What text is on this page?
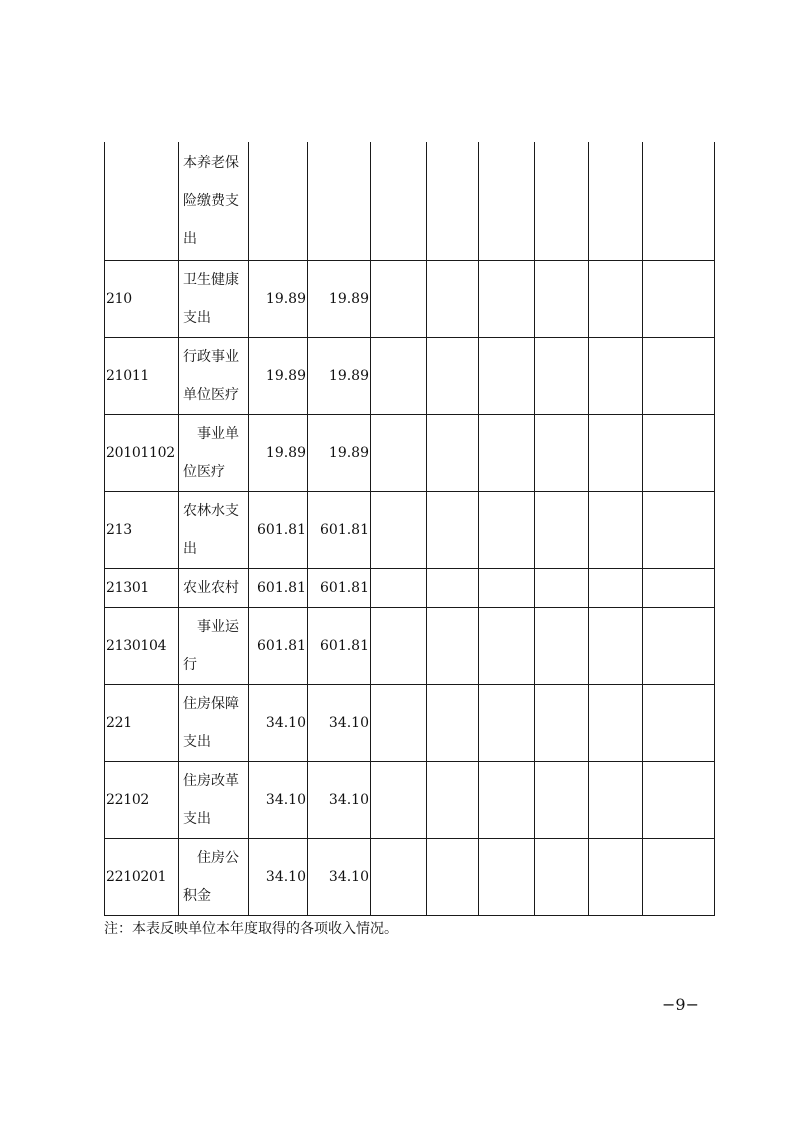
	本养老保险缴费支出								
210	卫生健康支出	19.89	19.89						
21011	行政事业单位医疗	19.89	19.89						
20101102	事业单位医疗	19.89	19.89						
213	农林水支出	601.81	601.81						
21301	农业农村	601.81	601.81						
2130104	事业运行	601.81	601.81						
221	住房保障支出	34.10	34.10						
22102	住房改革支出	34.10	34.10						
2210201	住房公积金	34.10	34.10						
注：本表反映单位本年度取得的各项收入情况。
−9−
